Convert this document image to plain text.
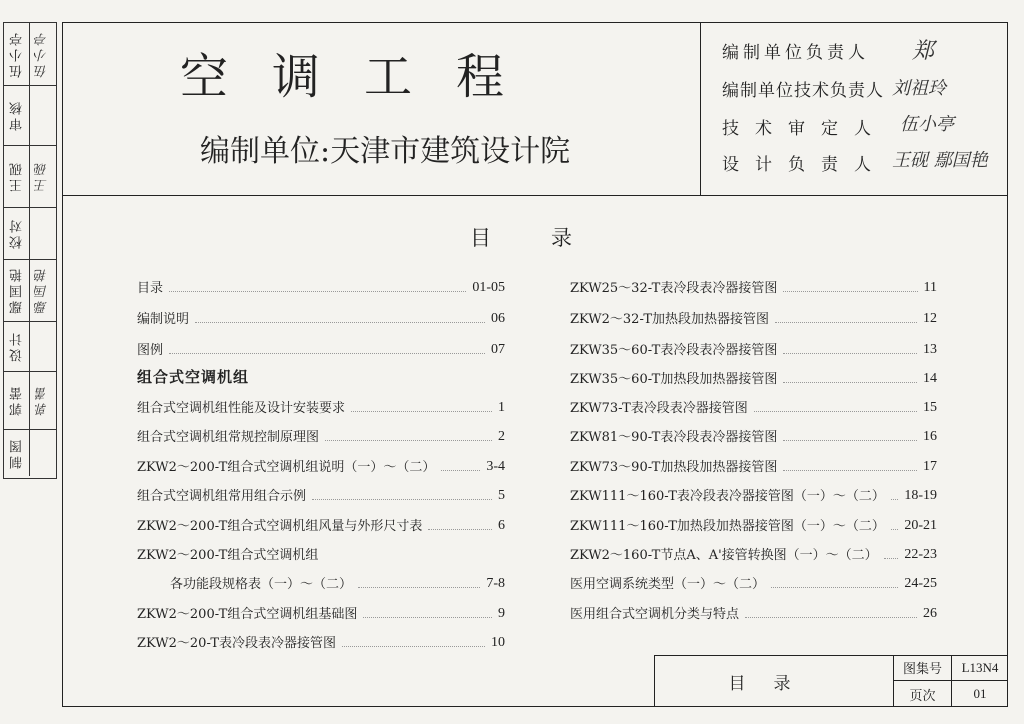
伍小亭 伍小亭
审核
王砚 王砚
校对
鄢国艳 鄢国艳
设计
郭蕾 郭蕾
制图
空调工程
编制单位:天津市建筑设计院
编制单位负责人 郑
编制单位技术负责人 刘祖玲
技术审定人 伍小亭
设计负责人 王砚 鄢国艳
目录
目录	01-05
编制说明	06
图例	07
组合式空调机组
组合式空调机组性能及设计安装要求	1
组合式空调机组常规控制原理图	2
ZKW2～200-T组合式空调机组说明（一）～（二）	3-4
组合式空调机组常用组合示例	5
ZKW2～200-T组合式空调机组风量与外形尺寸表	6
ZKW2～200-T组合式空调机组
各功能段规格表（一）～（二）	7-8
ZKW2～200-T组合式空调机组基础图	9
ZKW2～20-T表冷段表冷器接管图	10
ZKW25～32-T表冷段表冷器接管图	11
ZKW2～32-T加热段加热器接管图	12
ZKW35～60-T表冷段表冷器接管图	13
ZKW35～60-T加热段加热器接管图	14
ZKW73-T表冷段表冷器接管图	15
ZKW81～90-T表冷段表冷器接管图	16
ZKW73～90-T加热段加热器接管图	17
ZKW111～160-T表冷段表冷器接管图（一）～（二） 18-19
ZKW111～160-T加热段加热器接管图（一）～（二） 20-21
ZKW2～160-T节点A、A'接管转换图（一）～（二） 22-23
医用空调系统类型（一）～（二）	24-25
医用组合式空调机分类与特点	26
目录
图集号	L13N4
页次	01
